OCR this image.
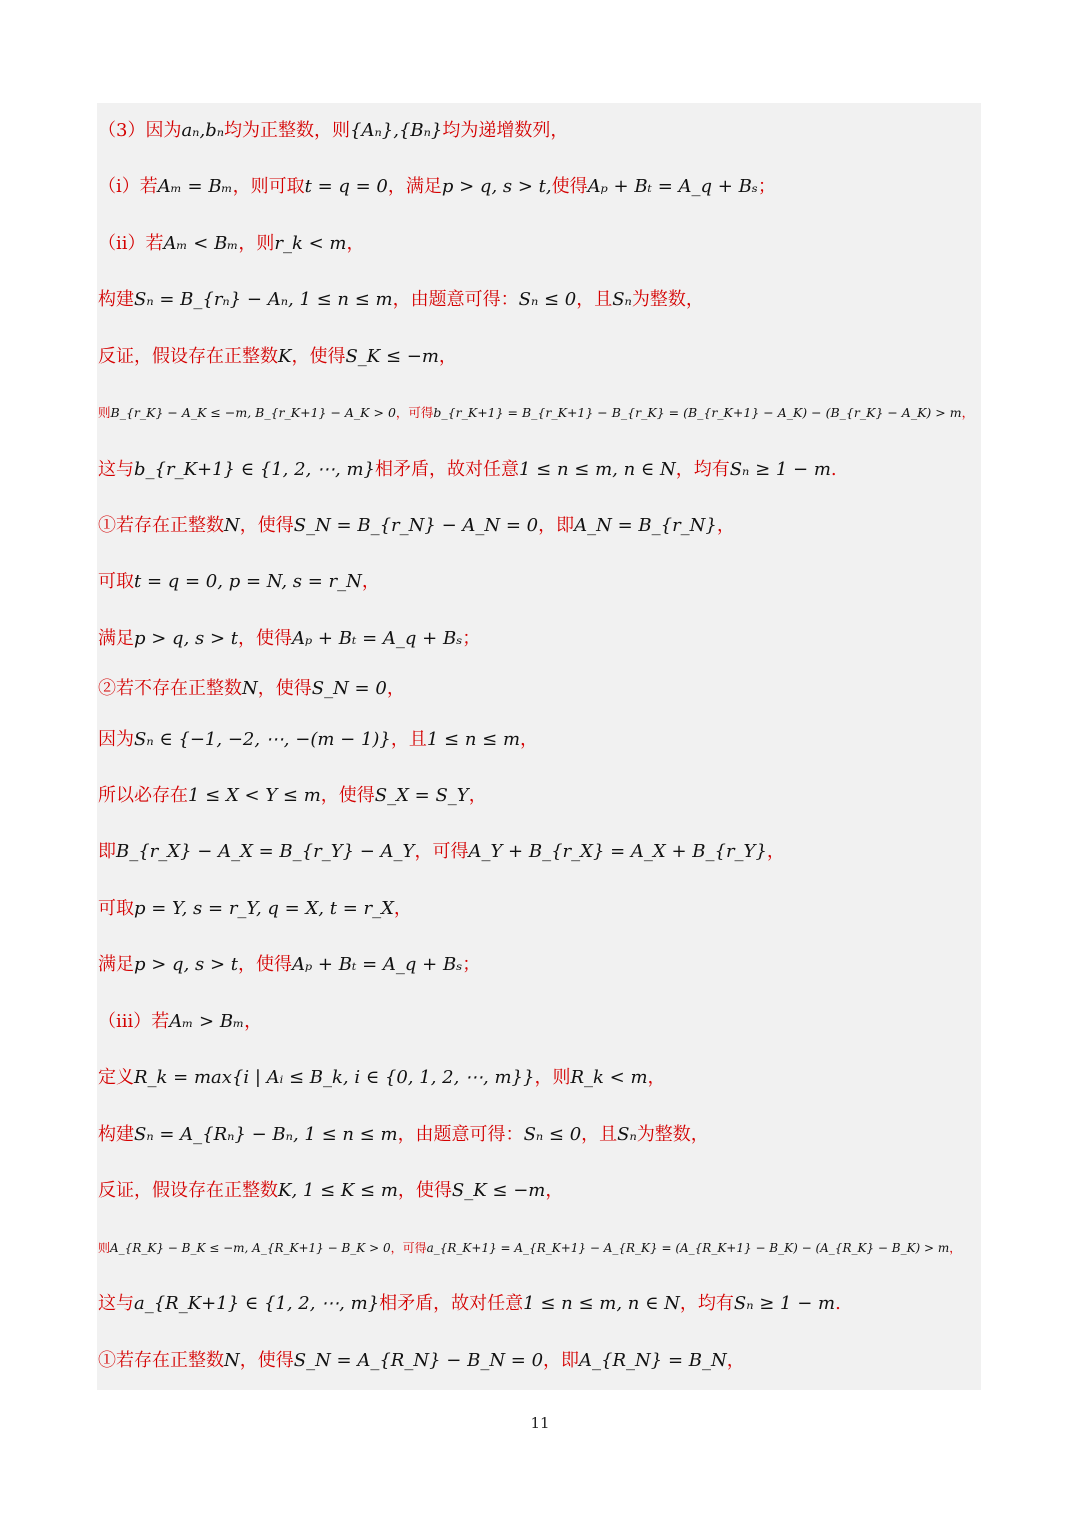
（3）因为aₙ,bₙ均为正整数，则{Aₙ},{Bₙ}均为递增数列，
（i）若Aₘ = Bₘ，则可取t = q = 0，满足p > q, s > t,使得Aₚ + Bₜ = A_q + Bₛ；
（ii）若Aₘ < Bₘ，则r_k < m，
构建Sₙ = B_{rₙ} − Aₙ, 1 ≤ n ≤ m，由题意可得：Sₙ ≤ 0，且Sₙ为整数，
反证，假设存在正整数K，使得S_K ≤ −m，
则B_{r_K} − A_K ≤ −m, B_{r_K+1} − A_K > 0，可得b_{r_K+1} = B_{r_K+1} − B_{r_K} = (B_{r_K+1} − A_K) − (B_{r_K} − A_K) > m，
这与b_{r_K+1} ∈ {1, 2, ⋯, m}相矛盾，故对任意1 ≤ n ≤ m, n ∈ N，均有Sₙ ≥ 1 − m.
①若存在正整数N，使得S_N = B_{r_N} − A_N = 0，即A_N = B_{r_N}，
可取t = q = 0, p = N, s = r_N，
满足p > q, s > t，使得Aₚ + Bₜ = A_q + Bₛ；
②若不存在正整数N，使得S_N = 0，
因为Sₙ ∈ {−1, −2, ⋯, −(m − 1)}，且1 ≤ n ≤ m，
所以必存在1 ≤ X < Y ≤ m，使得S_X = S_Y，
即B_{r_X} − A_X = B_{r_Y} − A_Y，可得A_Y + B_{r_X} = A_X + B_{r_Y}，
可取p = Y, s = r_Y, q = X, t = r_X，
满足p > q, s > t，使得Aₚ + Bₜ = A_q + Bₛ；
（iii）若Aₘ > Bₘ，
定义R_k = max{i | Aᵢ ≤ B_k, i ∈ {0, 1, 2, ⋯, m}}，则R_k < m，
构建Sₙ = A_{Rₙ} − Bₙ, 1 ≤ n ≤ m，由题意可得：Sₙ ≤ 0，且Sₙ为整数，
反证，假设存在正整数K, 1 ≤ K ≤ m，使得S_K ≤ −m，
则A_{R_K} − B_K ≤ −m, A_{R_K+1} − B_K > 0，可得a_{R_K+1} = A_{R_K+1} − A_{R_K} = (A_{R_K+1} − B_K) − (A_{R_K} − B_K) > m，
这与a_{R_K+1} ∈ {1, 2, ⋯, m}相矛盾，故对任意1 ≤ n ≤ m, n ∈ N，均有Sₙ ≥ 1 − m.
①若存在正整数N，使得S_N = A_{R_N} − B_N = 0，即A_{R_N} = B_N，
11
